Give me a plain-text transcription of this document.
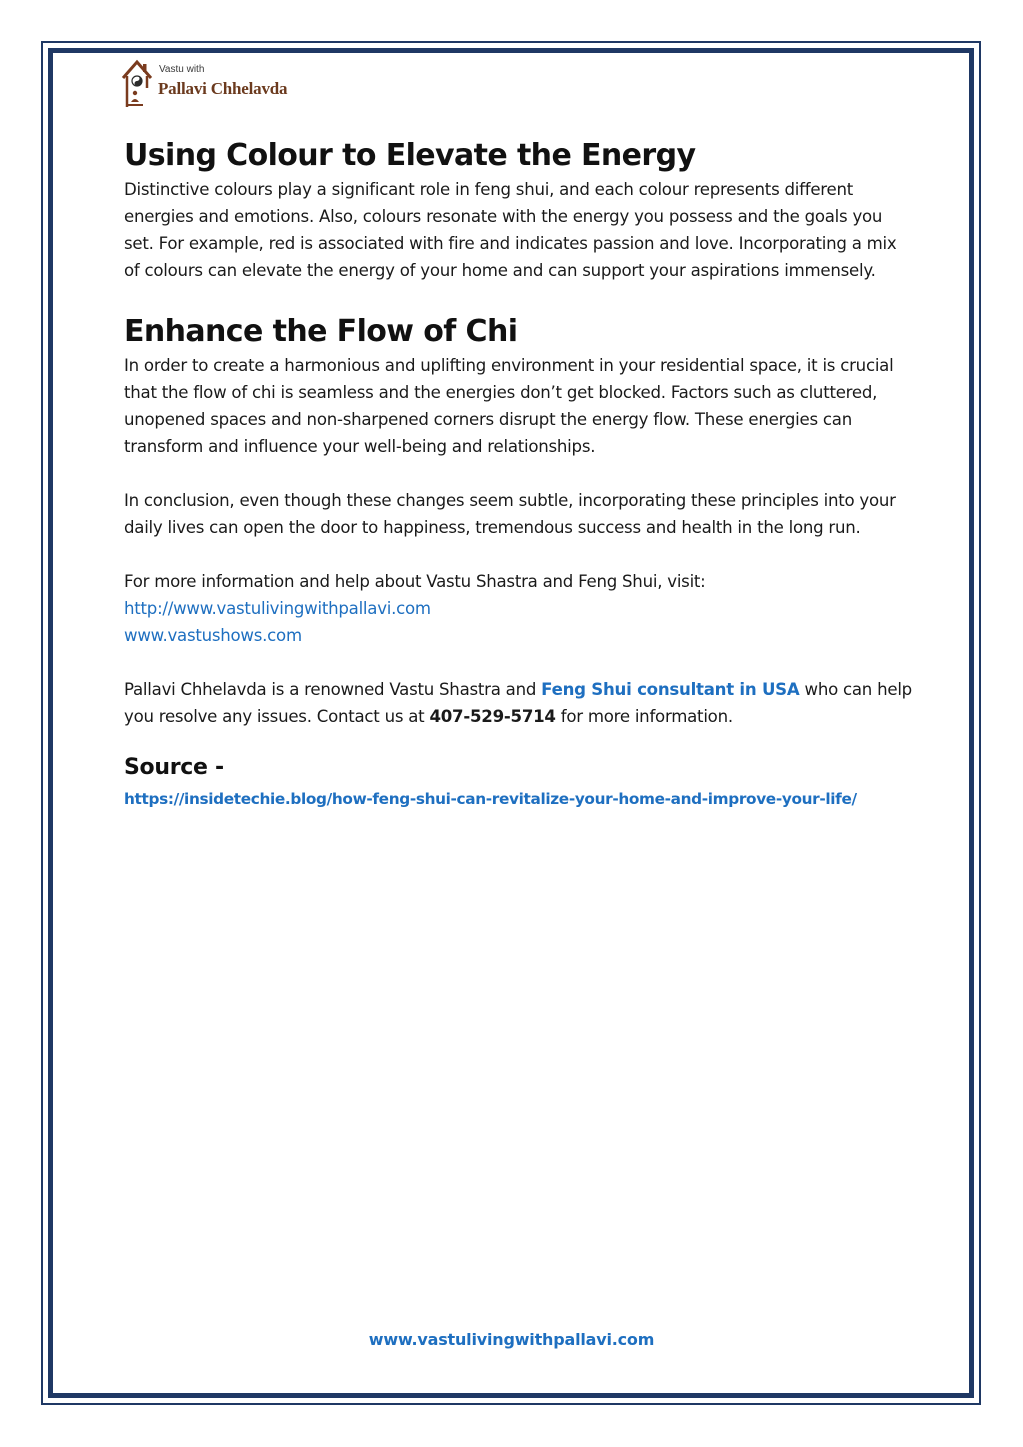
Vastu with
Pallavi Chhelavda
Using Colour to Elevate the Energy

Distinctive colours play a significant role in feng shui, and each colour represents different energies and emotions. Also, colours resonate with the energy you possess and the goals you set. For example, red is associated with fire and indicates passion and love. Incorporating a mix of colours can elevate the energy of your home and can support your aspirations immensely.

Enhance the Flow of Chi

In order to create a harmonious and uplifting environment in your residential space, it is crucial that the flow of chi is seamless and the energies don’t get blocked. Factors such as cluttered, unopened spaces and non-sharpened corners disrupt the energy flow. These energies can transform and influence your well-being and relationships.

In conclusion, even though these changes seem subtle, incorporating these principles into your daily lives can open the door to happiness, tremendous success and health in the long run.

For more information and help about Vastu Shastra and Feng Shui, visit:

http://www.vastulivingwithpallavi.com

www.vastushows.com

Pallavi Chhelavda is a renowned Vastu Shastra and Feng Shui consultant in USA who can help you resolve any issues. Contact us at 407-529-5714 for more information.

Source -
https://insidetechie.blog/how-feng-shui-can-revitalize-your-home-and-improve-your-life/
www.vastulivingwithpallavi.com
